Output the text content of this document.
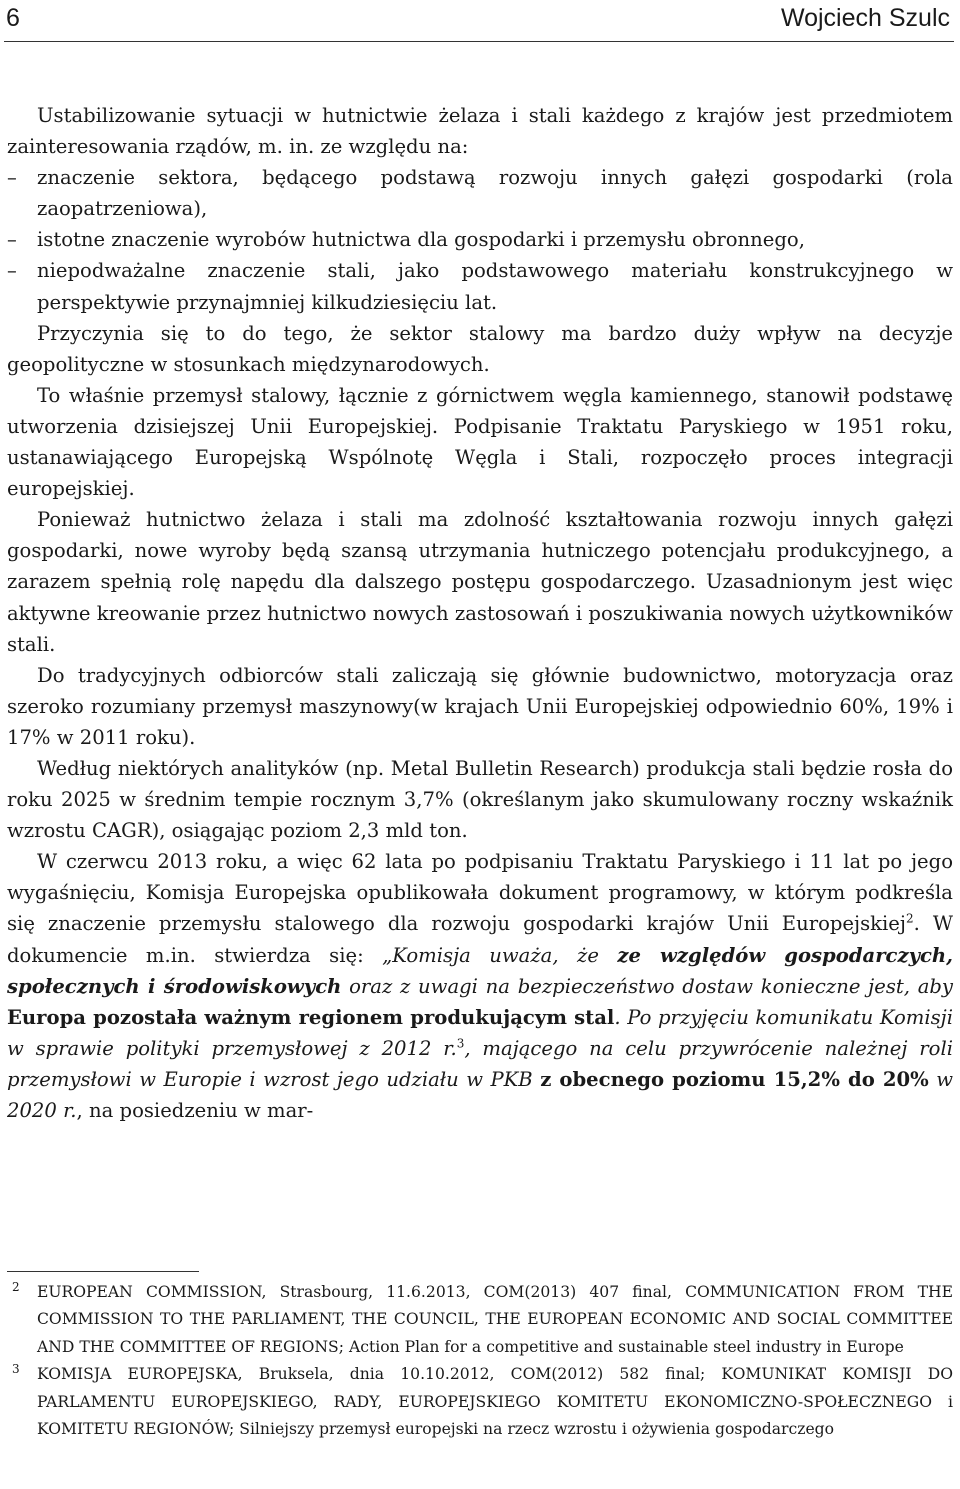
6	Wojciech Szulc

Ustabilizowanie sytuacji w hutnictwie żelaza i stali każdego z krajów jest przedmiotem zainteresowania rządów, m. in. ze względu na:

– znaczenie sektora, będącego podstawą rozwoju innych gałęzi gospodarki (rola zaopatrzeniowa),
– istotne znaczenie wyrobów hutnictwa dla gospodarki i przemysłu obronnego,
– niepodważalne znaczenie stali, jako podstawowego materiału konstrukcyjnego w perspektywie przynajmniej kilkudziesięciu lat.

Przyczynia się to do tego, że sektor stalowy ma bardzo duży wpływ na decyzje geopolityczne w stosunkach międzynarodowych.

To właśnie przemysł stalowy, łącznie z górnictwem węgla kamiennego, stanowił podstawę utworzenia dzisiejszej Unii Europejskiej. Podpisanie Traktatu Paryskiego w 1951 roku, ustanawiającego Europejską Wspólnotę Węgla i Stali, rozpoczęło proces integracji europejskiej.

Ponieważ hutnictwo żelaza i stali ma zdolność kształtowania rozwoju innych gałęzi gospodarki, nowe wyroby będą szansą utrzymania hutniczego potencjału produkcyjnego, a zarazem spełnią rolę napędu dla dalszego postępu gospodarczego. Uzasadnionym jest więc aktywne kreowanie przez hutnictwo nowych zastosowań i poszukiwania nowych użytkowników stali.

Do tradycyjnych odbiorców stali zaliczają się głównie budownictwo, motoryzacja oraz szeroko rozumiany przemysł maszynowy(w krajach Unii Europejskiej odpowiednio 60%, 19% i 17% w 2011 roku).

Według niektórych analityków (np. Metal Bulletin Research) produkcja stali będzie rosła do roku 2025 w średnim tempie rocznym 3,7% (określanym jako skumulowany roczny wskaźnik wzrostu CAGR), osiągając poziom 2,3 mld ton.

W czerwcu 2013 roku, a więc 62 lata po podpisaniu Traktatu Paryskiego i 11 lat po jego wygaśnięciu, Komisja Europejska opublikowała dokument programowy, w którym podkreśla się znaczenie przemysłu stalowego dla rozwoju gospodarki krajów Unii Europejskiej$^2$. W dokumencie m.in. stwierdza się: „Komisja uważa, że ze względów gospodarczych, społecznych i środowiskowych oraz z uwagi na bezpieczeństwo dostaw konieczne jest, aby Europa pozostała ważnym regionem produkującym stal. Po przyjęciu komunikatu Komisji w sprawie polityki przemysłowej z 2012 r.$^3$, mającego na celu przywrócenie należnej roli przemysłowi w Europie i wzrost jego udziału w PKB z obecnego poziomu 15,2% do 20% w 2020 r., na posiedzeniu w mar-

2 EUROPEAN COMMISSION, Strasbourg, 11.6.2013, COM(2013) 407 final, COMMUNICATION FROM THE COMMISSION TO THE PARLIAMENT, THE COUNCIL, THE EUROPEAN ECONOMIC AND SOCIAL COMMITTEE AND THE COMMITTEE OF REGIONS; Action Plan for a competitive and sustainable steel industry in Europe
3 KOMISJA EUROPEJSKA, Bruksela, dnia 10.10.2012, COM(2012) 582 final; KOMUNIKAT KOMISJI DO PARLAMENTU EUROPEJSKIEGO, RADY, EUROPEJSKIEGO KOMITETU EKONOMICZNO-SPOŁECZNEGO i KOMITETU REGIONÓW; Silniejszy przemysł europejski na rzecz wzrostu i ożywienia gospodarczego
